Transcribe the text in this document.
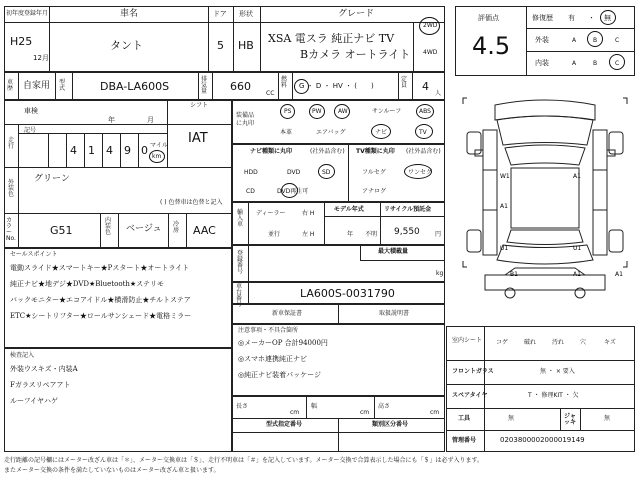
初年度登録年月	車名	ドア 形状	グレード
H25
12 月
タント	5 HB
XSA 電スラ 純正ナビ TV
Bカメラ オートライト
2WD
4WD
車歴 自家用 型式	DBA-LA600S
排気量 660
CC
燃料 G ・ D ・ HV ・ (　　)
定員 4
人
車検
年	月
シフト
IAT
走行
記号
4 1 4 9 0 マイル
km
外装色
グリーン
( ) 色替車は色替と記入
カラー No.
G51
内装色 ベージュ 冷房 AAC
セールスポイント
電動スライド★スマートキー★Pスタート★オートライト
純正ナビ★地デジ★DVD★Bluetooth★ステリモ
バックモニター★エコアイドル★横滑防止★チルトステア
ETC★シートリフター★ロールサンシェード★電格ミラー
検査記入
外装ウスキズ・内装A
Fガラスリペアアト
ルーフイヤハゲ
装備品に丸印
PS	PW	AW	サンルーフ	ABS
本革	エアバッグ	ナビ	TV
ナビ種類に丸印	(社外品含む)
HDD	DVD	SD
CD	DVD再生可
TV種類に丸印 (社外品含む)
フルセグ	ワンセグ
アナログ
輸入車
ディーラー
並行
右 H
左 H
モデル年式
年 不明
リサイクル預託金
9,550	円
登録番号
最大積載量
kg
車台番号
LA600S-0031790
新車保証書	取扱説明書
注意事項・不具合箇所
◎メーカーOP 合計94000円
◎スマホ連携純正ナビ
◎純正ナビ装着パッケージ
長さ
cm
幅
cm
高さ
cm
型式指定番号	類別区分番号
評価点
4.5
修復歴 有 ・ 無
外装	A	B	C
内装	A	B	C
W1
A1
U1
B1	A1
A1
U1
A1
室内シート コゲ	破れ	汚れ	穴	キズ
フロントガラス	無 ・ × 要入
スペアタイヤ	T ・ 修理KIT ・ 欠
工具	無	ジャッキ
無
管理番号	0203800002000019149
走行距離の記号欄にはメーター改ざん車は「＊」、メーター交換車は「＄」、走行不明車は「＃」を記入しています。メーター交換で合算表示した場合にも「＄」は必ず入ります。
またメーター交換の条件を満たしていないものはメーター改ざん車と扱います。
